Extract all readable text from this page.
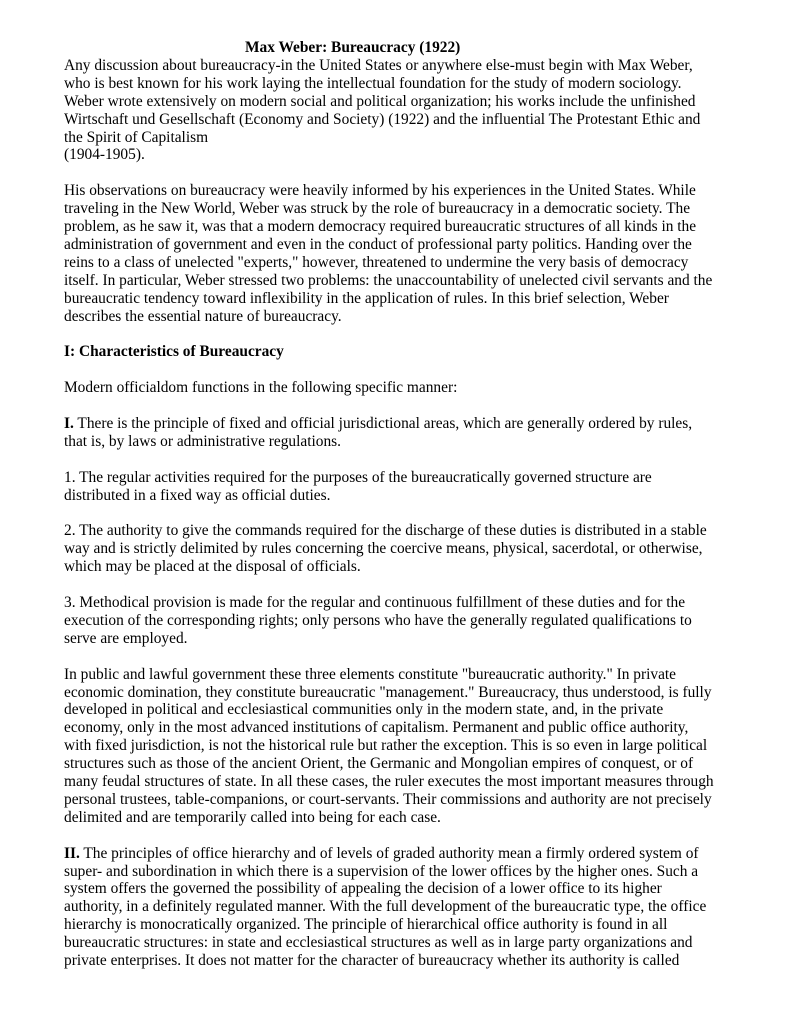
Max Weber: Bureaucracy (1922)

Any discussion about bureaucracy-in the United States or anywhere else-must begin with Max Weber, who is best known for his work laying the intellectual foundation for the study of modern sociology. Weber wrote extensively on modern social and political organization; his works include the unfinished Wirtschaft und Gesellschaft (Economy and Society) (1922) and the influential The Protestant Ethic and the Spirit of Capitalism

(1904-1905).

His observations on bureaucracy were heavily informed by his experiences in the United States. While traveling in the New World, Weber was struck by the role of bureaucracy in a democratic society. The problem, as he saw it, was that a modern democracy required bureaucratic structures of all kinds in the administration of government and even in the conduct of professional party politics. Handing over the reins to a class of unelected "experts," however, threatened to undermine the very basis of democracy itself. In particular, Weber stressed two problems: the unaccountability of unelected civil servants and the bureaucratic tendency toward inflexibility in the application of rules. In this brief selection, Weber describes the essential nature of bureaucracy.

I: Characteristics of Bureaucracy

Modern officialdom functions in the following specific manner:

I. There is the principle of fixed and official jurisdictional areas, which are generally ordered by rules, that is, by laws or administrative regulations.

1. The regular activities required for the purposes of the bureaucratically governed structure are distributed in a fixed way as official duties.

2. The authority to give the commands required for the discharge of these duties is distributed in a stable way and is strictly delimited by rules concerning the coercive means, physical, sacerdotal, or otherwise, which may be placed at the disposal of officials.

3. Methodical provision is made for the regular and continuous fulfillment of these duties and for the execution of the corresponding rights; only persons who have the generally regulated qualifications to serve are employed.

In public and lawful government these three elements constitute "bureaucratic authority." In private economic domination, they constitute bureaucratic "management." Bureaucracy, thus understood, is fully developed in political and ecclesiastical communities only in the modern state, and, in the private economy, only in the most advanced institutions of capitalism. Permanent and public office authority, with fixed jurisdiction, is not the historical rule but rather the exception. This is so even in large political structures such as those of the ancient Orient, the Germanic and Mongolian empires of conquest, or of many feudal structures of state. In all these cases, the ruler executes the most important measures through personal trustees, table-companions, or court-servants. Their commissions and authority are not precisely delimited and are temporarily called into being for each case.

II. The principles of office hierarchy and of levels of graded authority mean a firmly ordered system of super- and subordination in which there is a supervision of the lower offices by the higher ones. Such a system offers the governed the possibility of appealing the decision of a lower office to its higher authority, in a definitely regulated manner. With the full development of the bureaucratic type, the office hierarchy is monocratically organized. The principle of hierarchical office authority is found in all bureaucratic structures: in state and ecclesiastical structures as well as in large party organizations and private enterprises. It does not matter for the character of bureaucracy whether its authority is called
